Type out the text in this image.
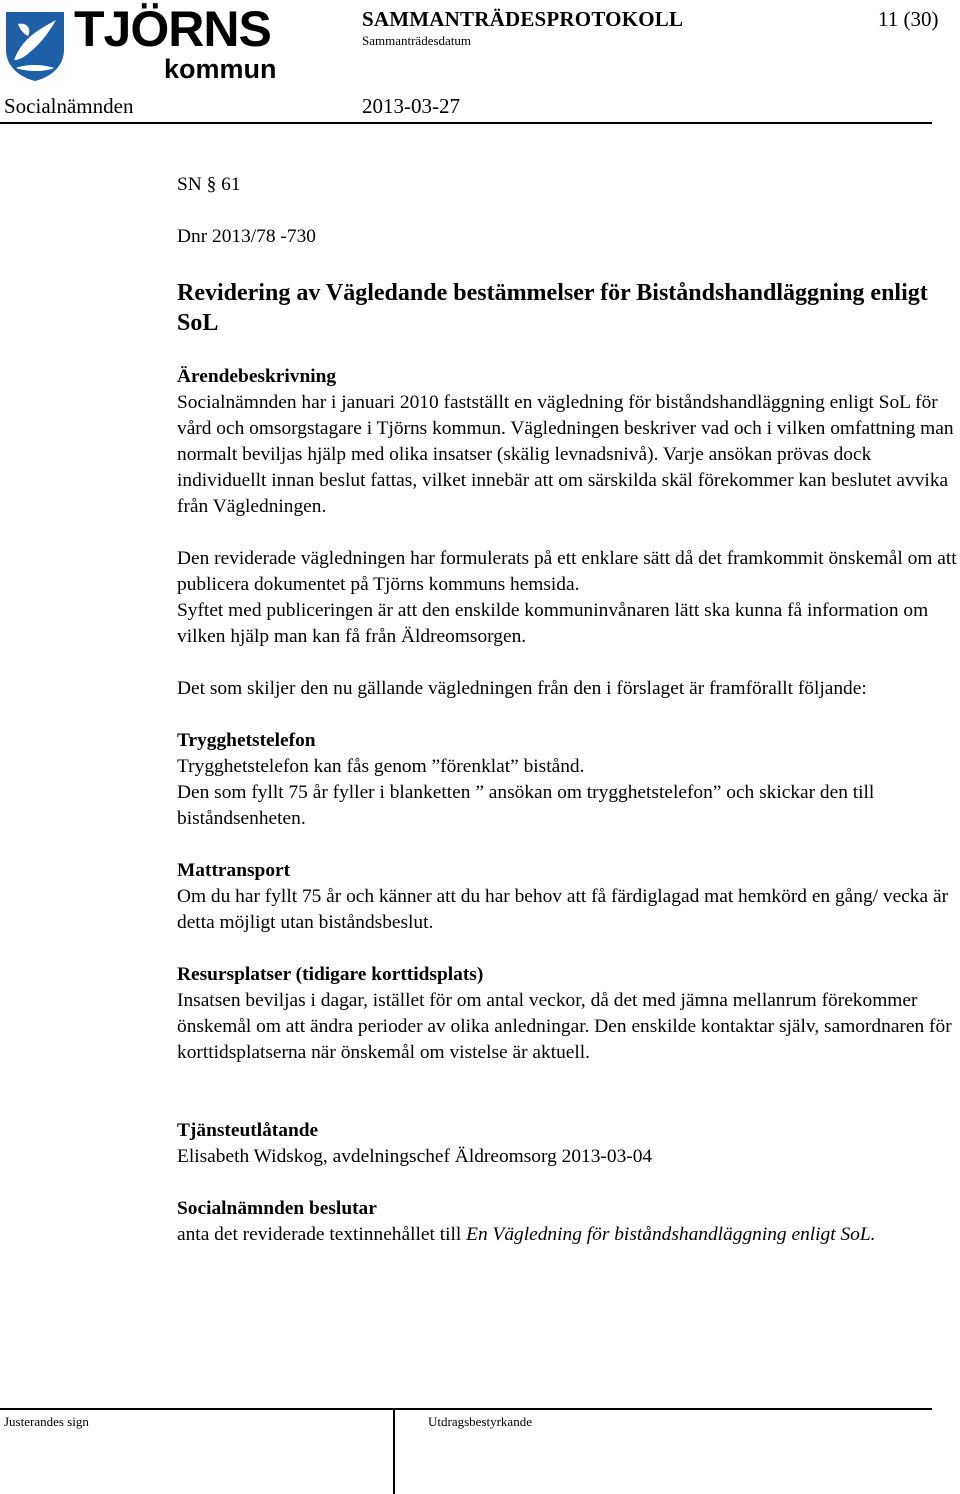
TJÖRNS
kommun
SAMMANTRÄDESPROTOKOLL
Sammanträdesdatum
11 (30)
Socialnämnden	2013-03-27

SN § 61

Dnr 2013/78 -730

Revidering av Vägledande bestämmelser för Biståndshandläggning enligt SoL

Ärendebeskrivning

Socialnämnden har i januari 2010 fastställt en vägledning för biståndshandläggning enligt SoL för vård och omsorgstagare i Tjörns kommun. Vägledningen beskriver vad och i vilken omfattning man normalt beviljas hjälp med olika insatser (skälig levnadsnivå). Varje ansökan prövas dock individuellt innan beslut fattas, vilket innebär att om särskilda skäl förekommer kan beslutet avvika från Vägledningen.

Den reviderade vägledningen har formulerats på ett enklare sätt då det framkommit önskemål om att publicera dokumentet på Tjörns kommuns hemsida.

Syftet med publiceringen är att den enskilde kommuninvånaren lätt ska kunna få information om vilken hjälp man kan få från Äldreomsorgen.

Det som skiljer den nu gällande vägledningen från den i förslaget är framförallt följande:

Trygghetstelefon

Trygghetstelefon kan fås genom ”förenklat” bistånd.

Den som fyllt 75 år fyller i blanketten ” ansökan om trygghetstelefon” och skickar den till biståndsenheten.

Mattransport

Om du har fyllt 75 år och känner att du har behov att få färdiglagad mat hemkörd en gång/ vecka är detta möjligt utan biståndsbeslut.

Resursplatser (tidigare korttidsplats)

Insatsen beviljas i dagar, istället för om antal veckor, då det med jämna mellanrum förekommer önskemål om att ändra perioder av olika anledningar. Den enskilde kontaktar själv, samordnaren för korttidsplatserna när önskemål om vistelse är aktuell.

Tjänsteutlåtande

Elisabeth Widskog, avdelningschef Äldreomsorg 2013-03-04

Socialnämnden beslutar

anta det reviderade textinnehållet till En Vägledning för biståndshandläggning enligt SoL.

Justerandes sign	Utdragsbestyrkande
